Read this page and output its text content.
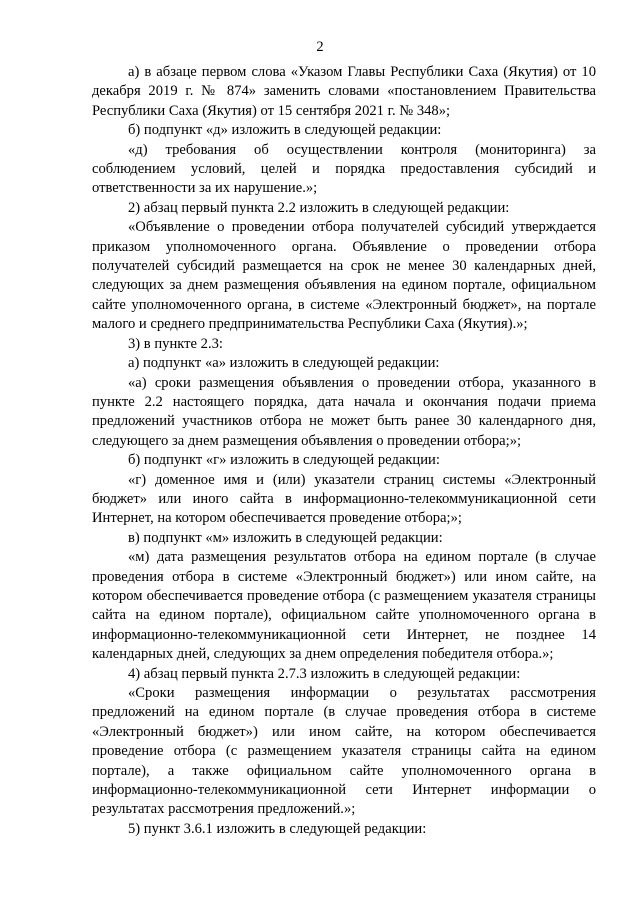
2

а) в абзаце первом слова «Указом Главы Республики Саха (Якутия) от 10 декабря 2019 г. № 874» заменить словами «постановлением Правительства Республики Саха (Якутия) от 15 сентября 2021 г. № 348»;

б) подпункт «д» изложить в следующей редакции:

«д) требования об осуществлении контроля (мониторинга) за соблюдением условий, целей и порядка предоставления субсидий и ответственности за их нарушение.»;

2) абзац первый пункта 2.2 изложить в следующей редакции:

«Объявление о проведении отбора получателей субсидий утверждается приказом уполномоченного органа. Объявление о проведении отбора получателей субсидий размещается на срок не менее 30 календарных дней, следующих за днем размещения объявления на едином портале, официальном сайте уполномоченного органа, в системе «Электронный бюджет», на портале малого и среднего предпринимательства Республики Саха (Якутия).»;

3) в пункте 2.3:

а) подпункт «а» изложить в следующей редакции:

«а) сроки размещения объявления о проведении отбора, указанного в пункте 2.2 настоящего порядка, дата начала и окончания подачи приема предложений участников отбора не может быть ранее 30 календарного дня, следующего за днем размещения объявления о проведении отбора;»;

б) подпункт «г» изложить в следующей редакции:

«г) доменное имя и (или) указатели страниц системы «Электронный бюджет» или иного сайта в информационно-телекоммуникационной сети Интернет, на котором обеспечивается проведение отбора;»;

в) подпункт «м» изложить в следующей редакции:

«м) дата размещения результатов отбора на едином портале (в случае проведения отбора в системе «Электронный бюджет») или ином сайте, на котором обеспечивается проведение отбора (с размещением указателя страницы сайта на едином портале), официальном сайте уполномоченного органа в информационно-телекоммуникационной сети Интернет, не позднее 14 календарных дней, следующих за днем определения победителя отбора.»;

4) абзац первый пункта 2.7.3 изложить в следующей редакции:

«Сроки размещения информации о результатах рассмотрения предложений на едином портале (в случае проведения отбора в системе «Электронный бюджет») или ином сайте, на котором обеспечивается проведение отбора (с размещением указателя страницы сайта на едином портале), а также официальном сайте уполномоченного органа в информационно-телекоммуникационной сети Интернет информации о результатах рассмотрения предложений.»;

5) пункт 3.6.1 изложить в следующей редакции:
